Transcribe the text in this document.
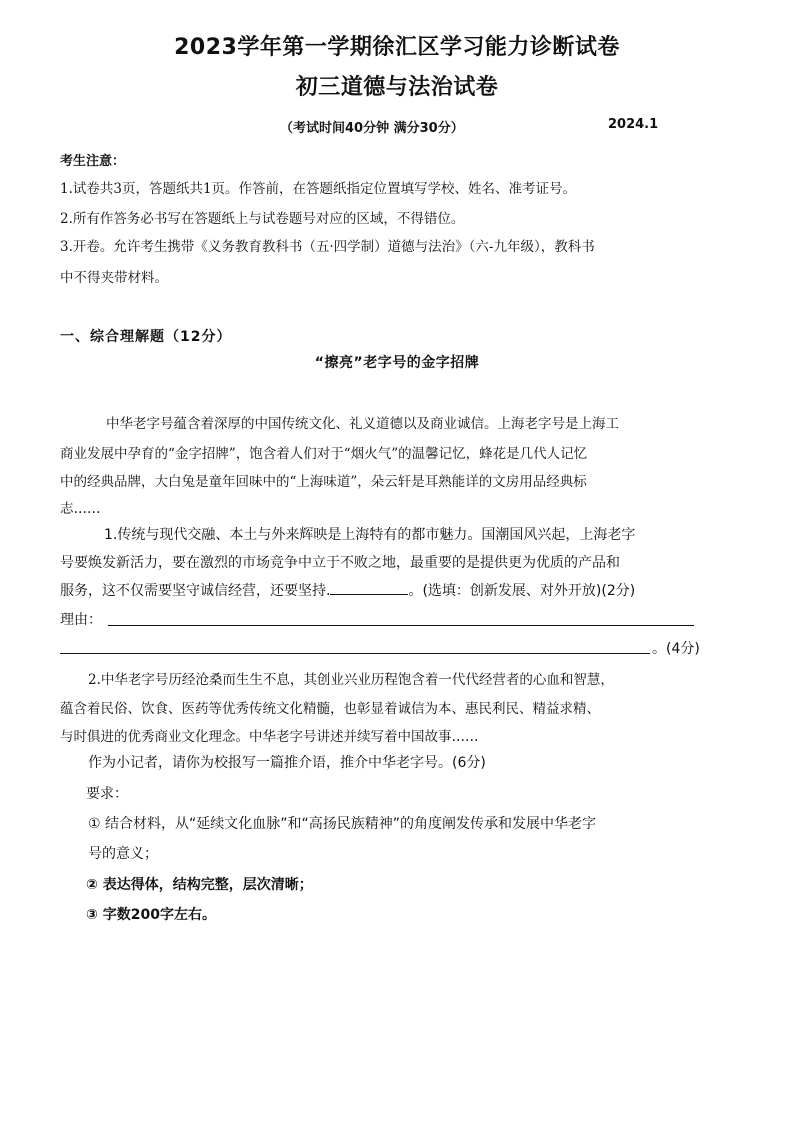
2023学年第一学期徐汇区学习能力诊断试卷
初三道德与法治试卷
（考试时间40分钟 满分30分）	2024.1
考生注意：
1.试卷共3页，答题纸共1页。作答前，在答题纸指定位置填写学校、姓名、准考证号。
2.所有作答务必书写在答题纸上与试卷题号对应的区域，不得错位。
3.开卷。允许考生携带《义务教育教科书（五·四学制）道德与法治》（六-九年级），教科书
中不得夹带材料。
一、综合理解题（12分）
“擦亮”老字号的金字招牌
中华老字号蕴含着深厚的中国传统文化、礼义道德以及商业诚信。上海老字号是上海工
商业发展中孕育的“金字招牌”，饱含着人们对于“烟火气”的温馨记忆，蜂花是几代人记忆
中的经典品牌，大白兔是童年回味中的“上海味道”，朵云轩是耳熟能详的文房用品经典标
志……
1.传统与现代交融、本土与外来辉映是上海特有的都市魅力。国潮国风兴起，上海老字
号要焕发新活力，要在激烈的市场竞争中立于不败之地，最重要的是提供更为优质的产品和
服务，这不仅需要坚守诚信经营，还要坚持.	。(选填：创新发展、对外开放)(2分)
理由：
。(4分)
2.中华老字号历经沧桑而生生不息，其创业兴业历程饱含着一代代经营者的心血和智慧，
蕴含着民俗、饮食、医药等优秀传统文化精髓，也彰显着诚信为本、惠民利民、精益求精、
与时俱进的优秀商业文化理念。中华老字号讲述并续写着中国故事……
作为小记者，请你为校报写一篇推介语，推介中华老字号。(6分)
要求：
① 结合材料，从“延续文化血脉”和“高扬民族精神”的角度阐发传承和发展中华老字
号的意义；
② 表达得体，结构完整，层次清晰；
③ 字数200字左右。
